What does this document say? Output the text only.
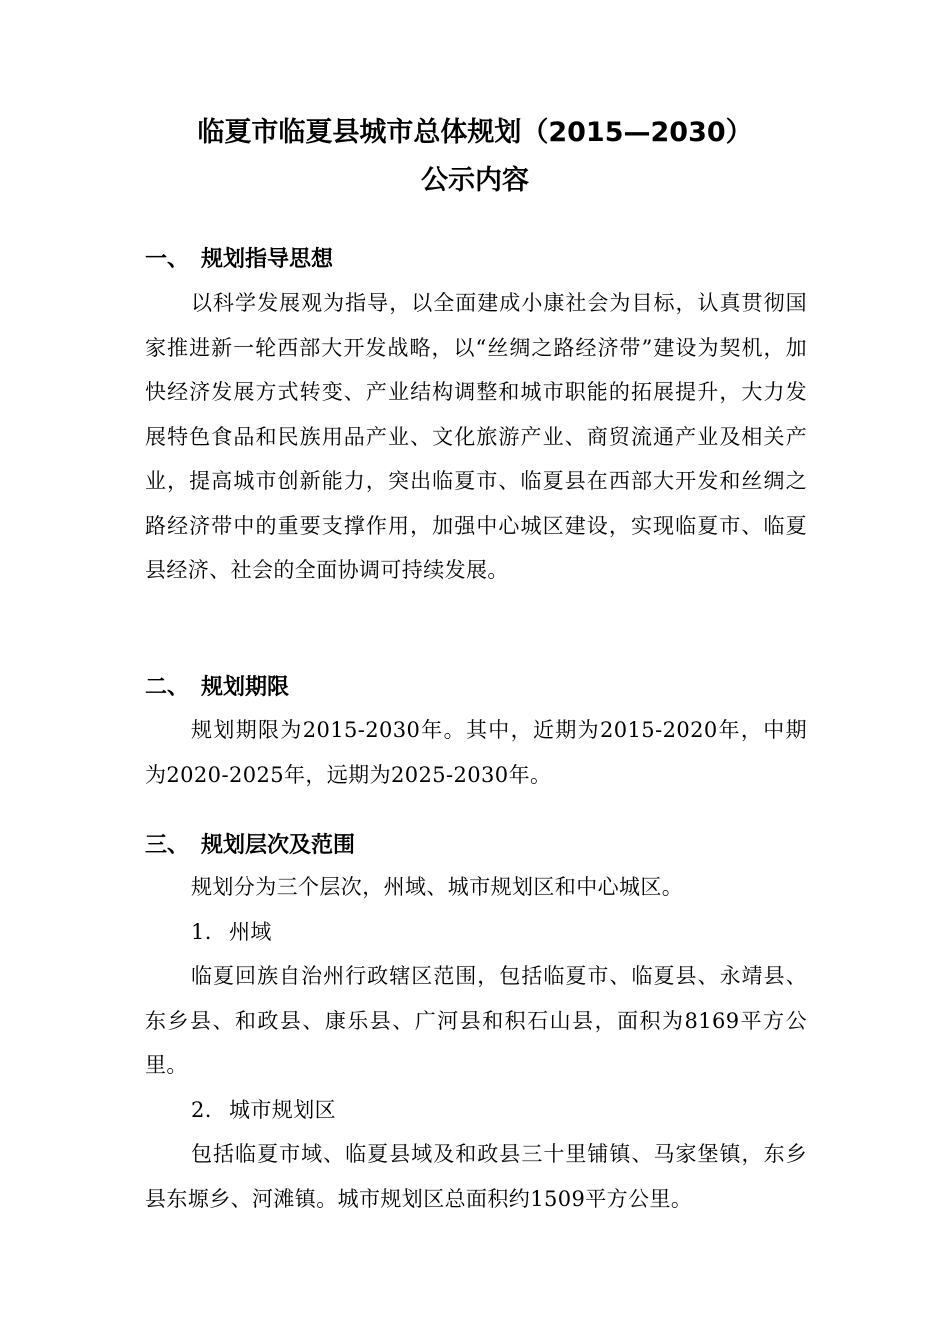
临夏市临夏县城市总体规划（2015—2030）
公示内容
一、 规划指导思想
以科学发展观为指导，以全面建成小康社会为目标，认真贯彻国家推进新一轮西部大开发战略，以“丝绸之路经济带”建设为契机，加快经济发展方式转变、产业结构调整和城市职能的拓展提升，大力发展特色食品和民族用品产业、文化旅游产业、商贸流通产业及相关产业，提高城市创新能力，突出临夏市、临夏县在西部大开发和丝绸之路经济带中的重要支撑作用，加强中心城区建设，实现临夏市、临夏县经济、社会的全面协调可持续发展。
二、 规划期限
规划期限为2015-2030年。其中，近期为2015-2020年，中期为2020-2025年，远期为2025-2030年。
三、 规划层次及范围
规划分为三个层次，州域、城市规划区和中心城区。
1. 州域
临夏回族自治州行政辖区范围，包括临夏市、临夏县、永靖县、东乡县、和政县、康乐县、广河县和积石山县，面积为8169平方公里。
2. 城市规划区
包括临夏市域、临夏县域及和政县三十里铺镇、马家堡镇，东乡县东塬乡、河滩镇。城市规划区总面积约1509平方公里。
